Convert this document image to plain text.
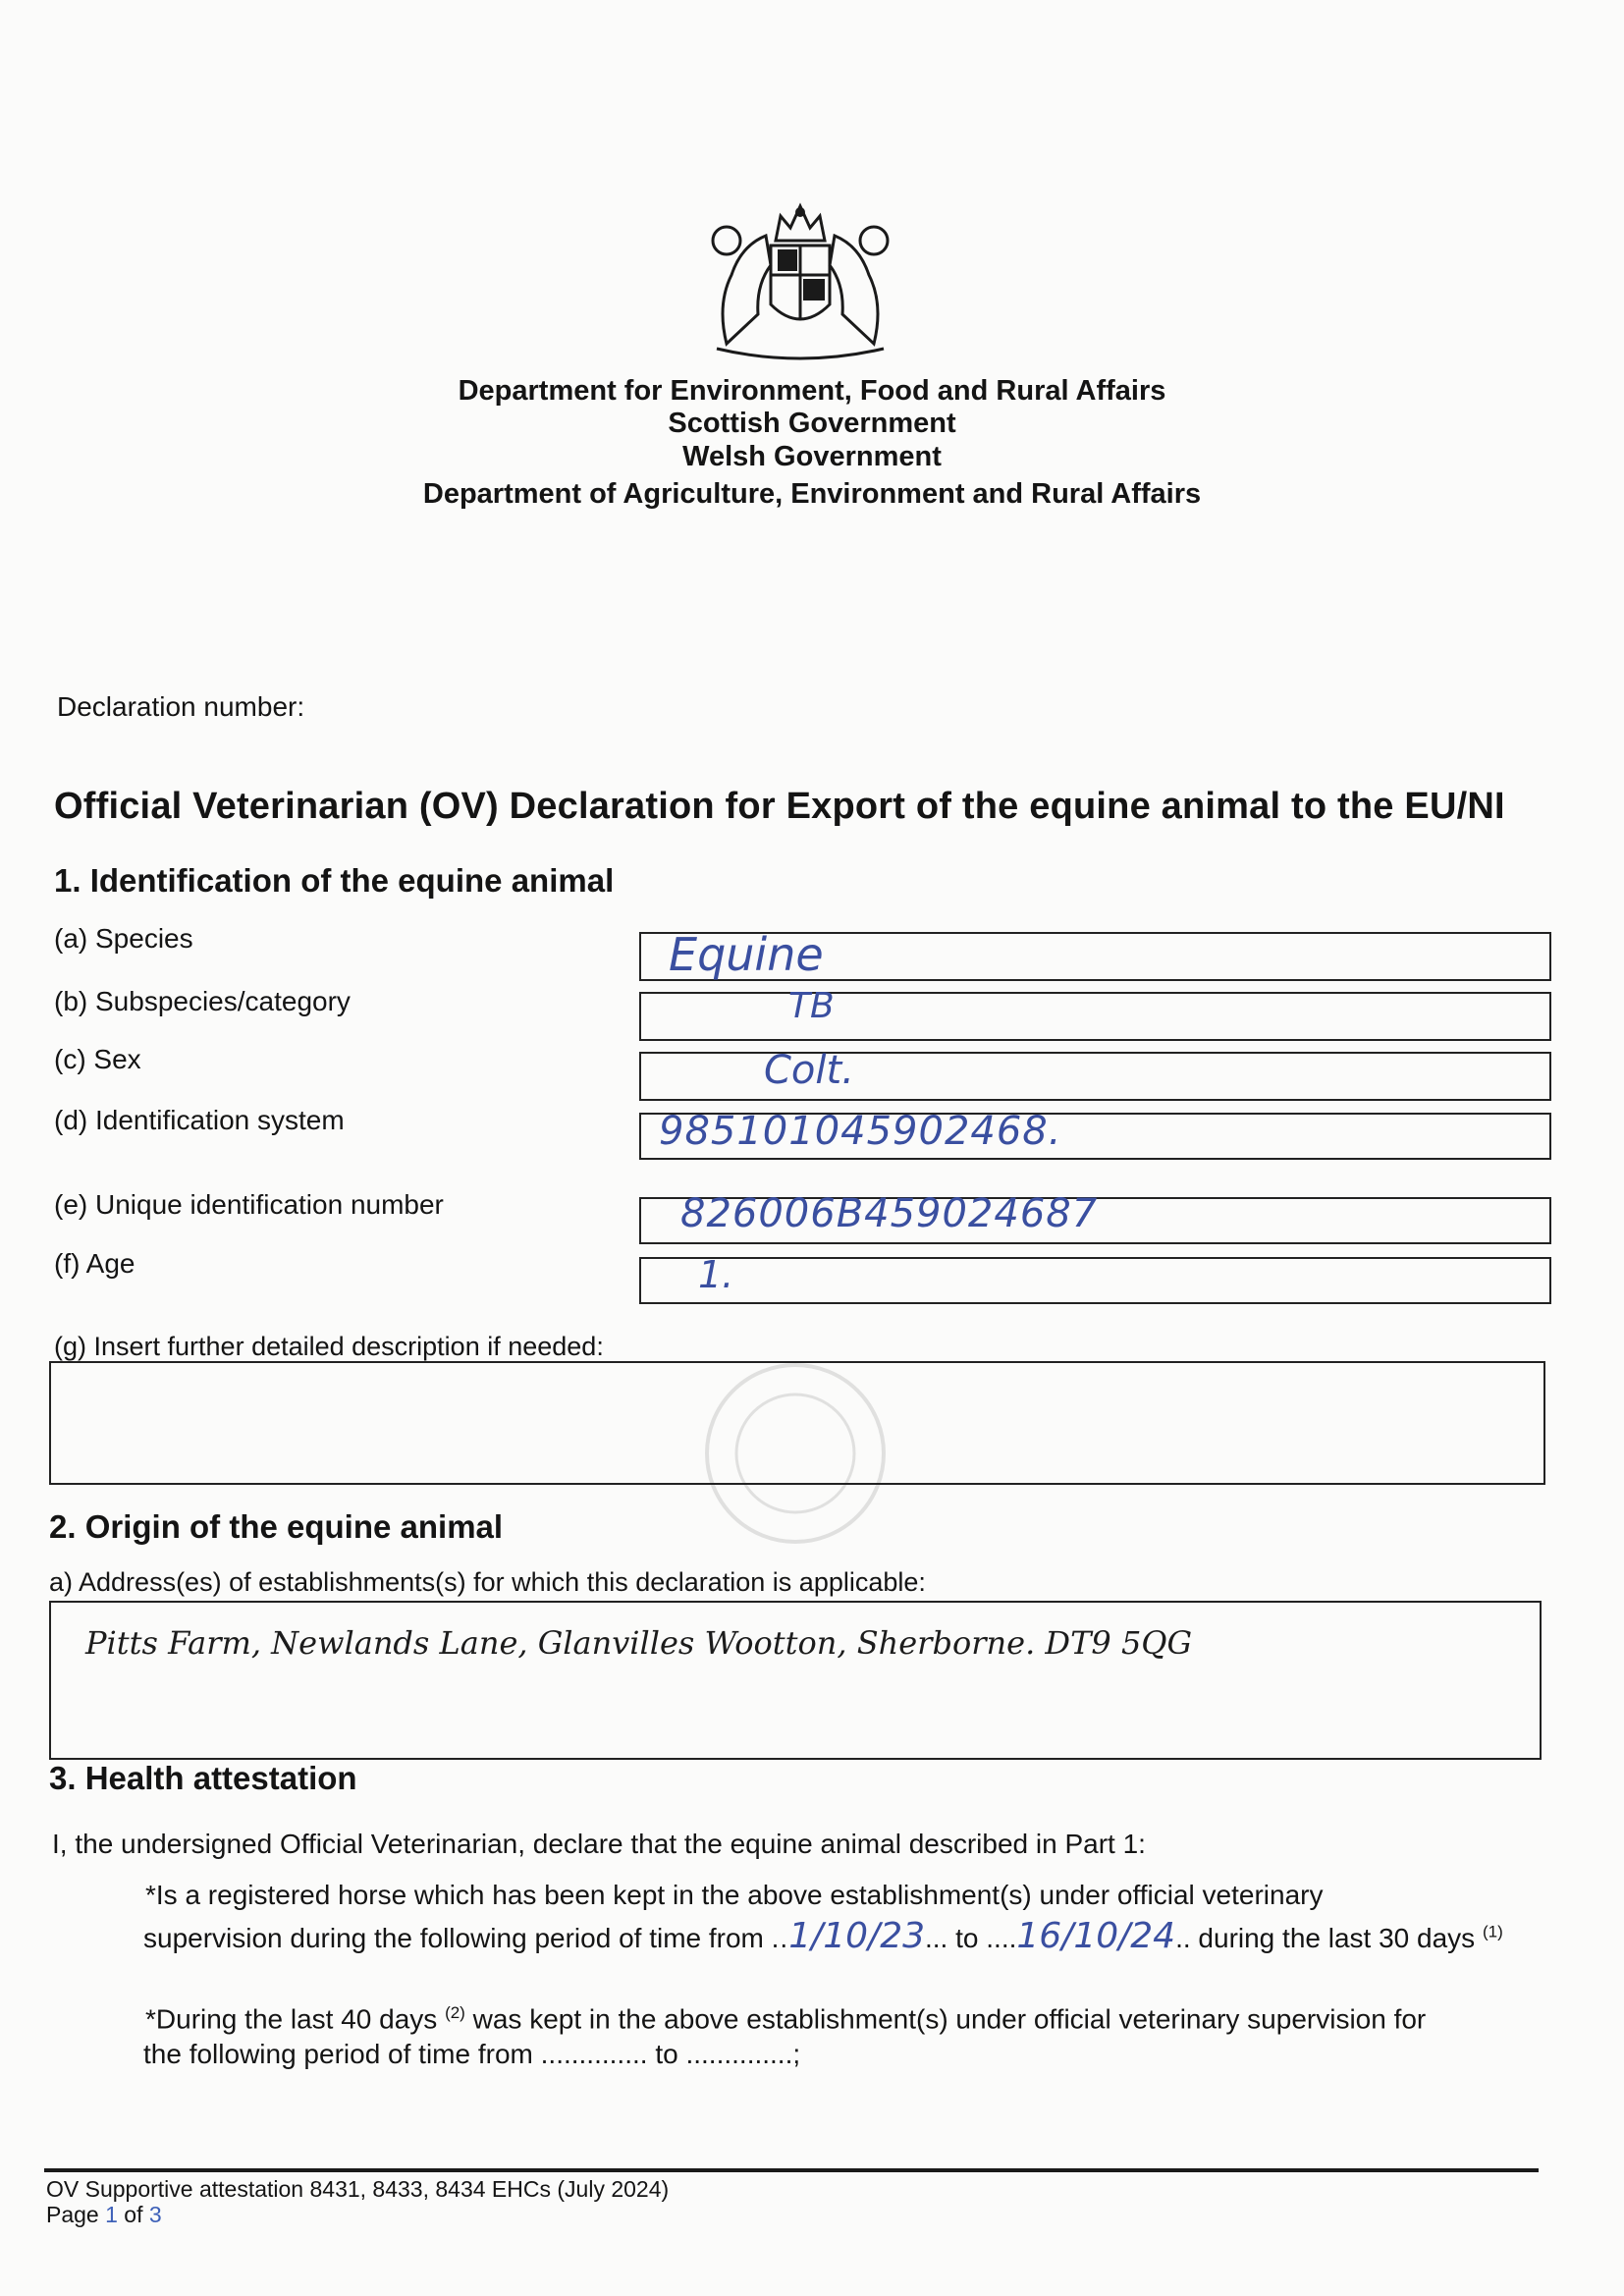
Department for Environment, Food and Rural Affairs
Scottish Government
Welsh Government
Department of Agriculture, Environment and Rural Affairs
Declaration number:
Official Veterinarian (OV) Declaration for Export of the equine animal to the EU/NI
1. Identification of the equine animal
(a) Species	Equine
(b) Subspecies/category	TB
(c) Sex	Colt.
(d) Identification system	985101045902468.
(e) Unique identification number	826006B459024687
(f) Age	1.
(g) Insert further detailed description if needed:
2. Origin of the equine animal
a) Address(es) of establishments(s) for which this declaration is applicable:
Pitts Farm, Newlands Lane, Glanvilles Wootton, Sherborne. DT9 5QG
3. Health attestation
I, the undersigned Official Veterinarian, declare that the equine animal described in Part 1:
*Is a registered horse which has been kept in the above establishment(s) under official veterinary
supervision during the following period of time from ..1/10/23... to ....16/10/24.. during the last 30 days $^{(1)}$
*During the last 40 days $^{(2)}$ was kept in the above establishment(s) under official veterinary supervision for
the following period of time from .............. to ..............;
OV Supportive attestation 8431, 8433, 8434 EHCs (July 2024)
Page 1 of 3
